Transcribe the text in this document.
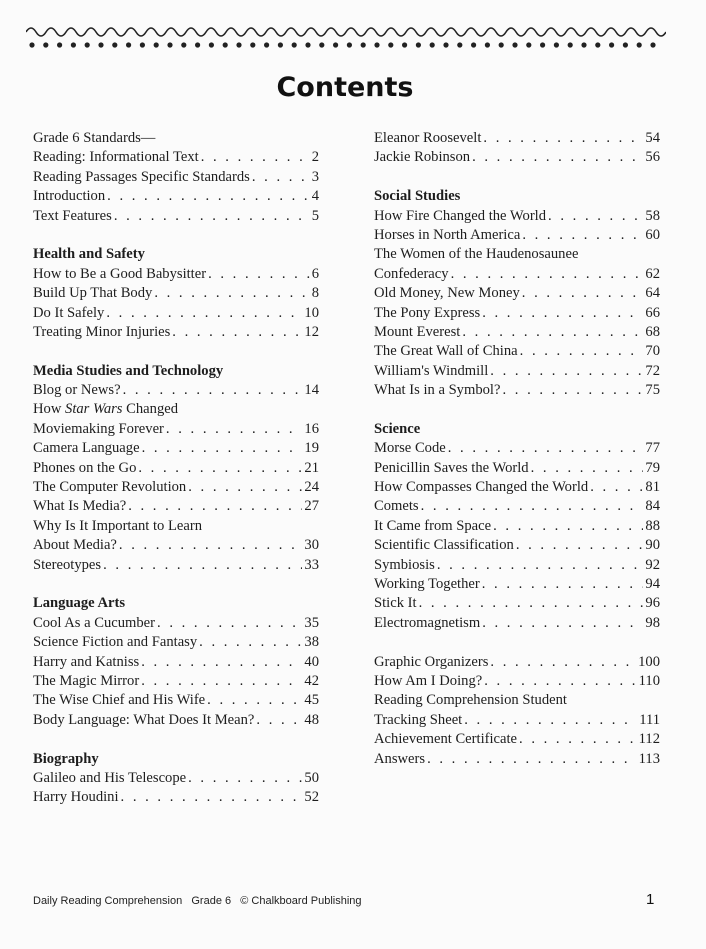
Contents
Grade 6 Standards—
Reading: Informational Text . . .	2
Reading Passages Specific Standards . . .	3
Introduction . . .	4
Text Features . . .	5
Health and Safety
How to Be a Good Babysitter . . .	6
Build Up That Body . . .	8
Do It Safely . . .	10
Treating Minor Injuries . . .	12
Media Studies and Technology
Blog or News? . . .	14
How Star Wars Changed
Moviemaking Forever . . .	16
Camera Language . . .	19
Phones on the Go . . .	21
The Computer Revolution . . .	24
What Is Media? . . .	27
Why Is It Important to Learn
About Media? . . .	30
Stereotypes . . .	33
Language Arts
Cool As a Cucumber . . .	35
Science Fiction and Fantasy . . .	38
Harry and Katniss . . .	40
The Magic Mirror . . .	42
The Wise Chief and His Wife . . .	45
Body Language: What Does It Mean? . . .	48
Biography
Galileo and His Telescope . . .	50
Harry Houdini . . .	52
Eleanor Roosevelt . . .	54
Jackie Robinson . . .	56
Social Studies
How Fire Changed the World . . .	58
Horses in North America . . .	60
The Women of the Haudenosaunee
Confederacy . . .	62
Old Money, New Money . . .	64
The Pony Express . . .	66
Mount Everest . . .	68
The Great Wall of China . . .	70
William's Windmill . . .	72
What Is in a Symbol? . . .	75
Science
Morse Code . . .	77
Penicillin Saves the World . . .	79
How Compasses Changed the World . . .	81
Comets . . .	84
It Came from Space . . .	88
Scientific Classification . . .	90
Symbiosis . . .	92
Working Together . . .	94
Stick It . . .	96
Electromagnetism . . .	98
Graphic Organizers . . .	100
How Am I Doing? . . .	110
Reading Comprehension Student
Tracking Sheet . . .	111
Achievement Certificate . . .	112
Answers . . .	113
Daily Reading Comprehension   Grade 6   © Chalkboard Publishing	1
